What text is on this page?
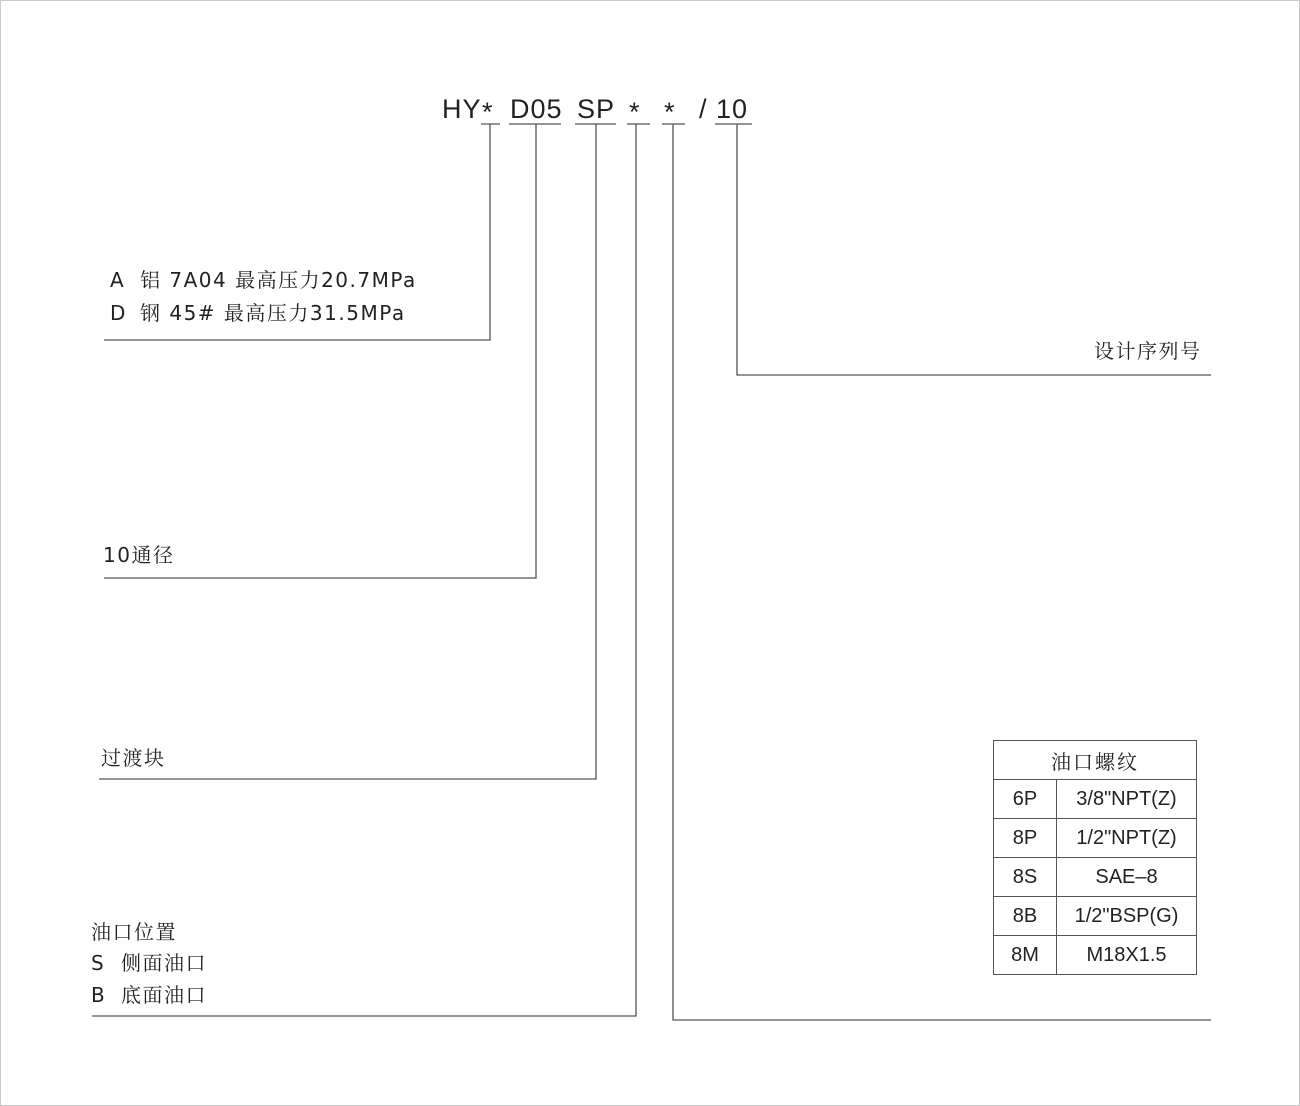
HY * D05 SP * * / 10
A 铝 7A04 最高压力20.7MPa
D 钢 45# 最高压力31.5MPa
10通径
过渡块
油口位置
S 侧面油口
B 底面油口
设计序列号
油口螺纹	
6P	3/8"NPT(Z)
8P	1/2"NPT(Z)
8S	SAE–8
8B	1/2"BSP(G)
8M	M18X1.5
